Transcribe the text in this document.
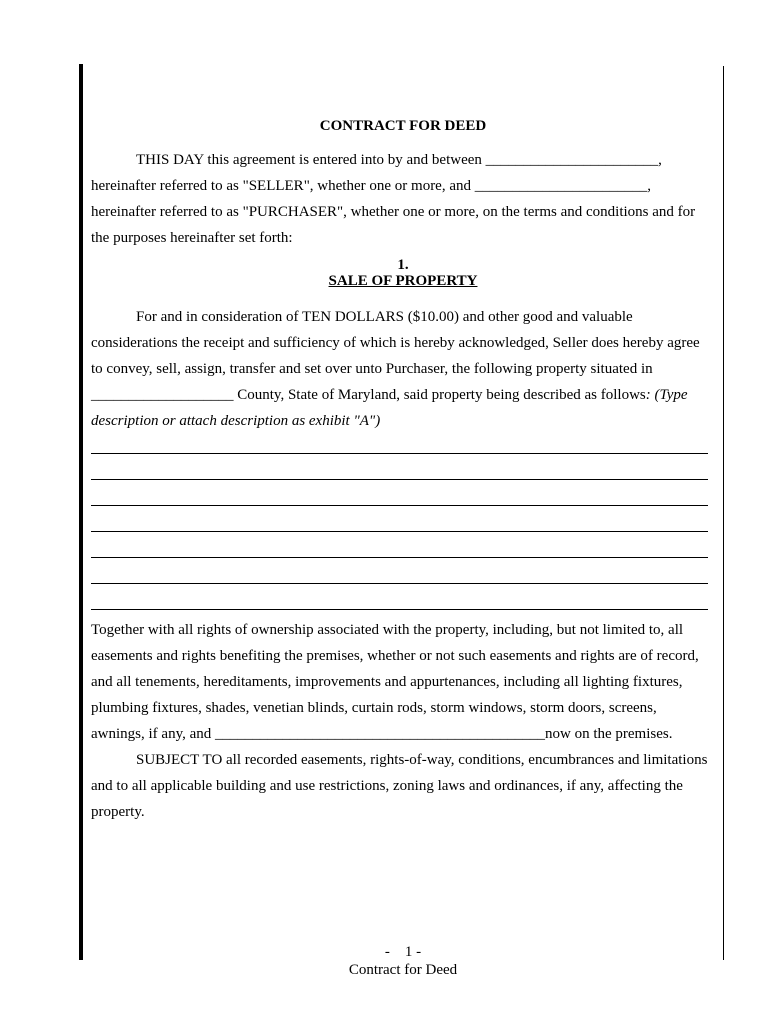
CONTRACT FOR DEED
THIS DAY this agreement is entered into by and between _______________________,
hereinafter referred to as "SELLER", whether one or more, and _______________________,
hereinafter referred to as "PURCHASER", whether one or more, on the terms and conditions and for
the purposes hereinafter set forth:
1.
SALE OF PROPERTY
For and in consideration of TEN DOLLARS ($10.00) and other good and valuable
considerations the receipt and sufficiency of which is hereby acknowledged, Seller does hereby agree
to convey, sell, assign, transfer and set over unto Purchaser, the following property situated in
___________________ County, State of Maryland, said property being described as follows: (Type
description or attach description as exhibit "A")
Together with all rights of ownership associated with the property, including, but not limited to, all
easements and rights benefiting the premises, whether or not such easements and rights are of record,
and all tenements, hereditaments, improvements and appurtenances, including all lighting fixtures,
plumbing fixtures, shades, venetian blinds, curtain rods, storm windows, storm doors, screens,
awnings, if any, and ____________________________________________now on the premises.
SUBJECT TO all recorded easements, rights-of-way, conditions, encumbrances and limitations
and to all applicable building and use restrictions, zoning laws and ordinances, if any, affecting the
property.
-    1 -
Contract for Deed
